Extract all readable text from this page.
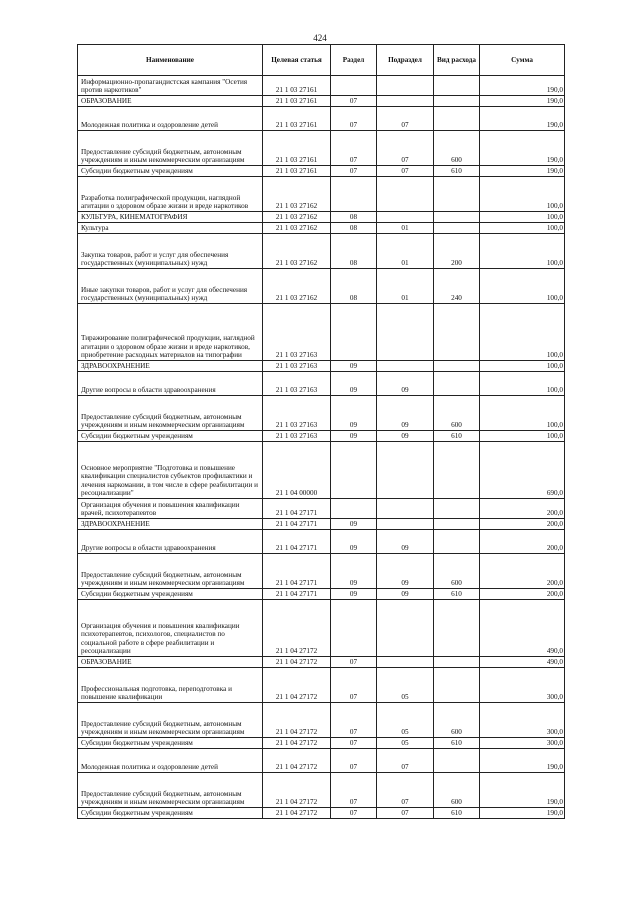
424
Наименование	Целевая статья	Раздел	Подраздел	Вид расхода	Сумма
Информационно-пропагандистская кампания "Осетия против наркотиков"	21 1 03 27161				190,0
ОБРАЗОВАНИЕ	21 1 03 27161	07			190,0
Молодежная политика и оздоровление детей	21 1 03 27161	07	07		190,0
Предоставление субсидий бюджетным, автономным учреждениям и иным некоммерческим организациям	21 1 03 27161	07	07	600	190,0
Субсидии бюджетным учреждениям	21 1 03 27161	07	07	610	190,0
Разработка полиграфической продукции, наглядной агитации о здоровом образе жизни и вреде наркотиков	21 1 03 27162				100,0
КУЛЬТУРА, КИНЕМАТОГРАФИЯ	21 1 03 27162	08			100,0
Культура	21 1 03 27162	08	01		100,0
Закупка товаров, работ и услуг для обеспечения государственных (муниципальных) нужд	21 1 03 27162	08	01	200	100,0
Иные закупки товаров, работ и услуг для обеспечения государственных (муниципальных) нужд	21 1 03 27162	08	01	240	100,0
Тиражирование полиграфической продукции, наглядной агитации о здоровом образе жизни и вреде наркотиков, приобретение расходных материалов на типографии	21 1 03 27163				100,0
ЗДРАВООХРАНЕНИЕ	21 1 03 27163	09			100,0
Другие вопросы в области здравоохранения	21 1 03 27163	09	09		100,0
Предоставление субсидий бюджетным, автономным учреждениям и иным некоммерческим организациям	21 1 03 27163	09	09	600	100,0
Субсидии бюджетным учреждениям	21 1 03 27163	09	09	610	100,0
Основное мероприятие "Подготовка и повышение квалификации специалистов субъектов профилактики и лечения наркомании, в том числе в сфере реабилитации и ресоциализации"	21 1 04 00000				690,0
Организация обучения и повышения квалификации врачей, психотерапевтов	21 1 04 27171				200,0
ЗДРАВООХРАНЕНИЕ	21 1 04 27171	09			200,0
Другие вопросы в области здравоохранения	21 1 04 27171	09	09		200,0
Предоставление субсидий бюджетным, автономным учреждениям и иным некоммерческим организациям	21 1 04 27171	09	09	600	200,0
Субсидии бюджетным учреждениям	21 1 04 27171	09	09	610	200,0
Организация обучения и повышения квалификации психотерапевтов, психологов, специалистов по социальной работе в сфере реабилитации и ресоциализации	21 1 04 27172				490,0
ОБРАЗОВАНИЕ	21 1 04 27172	07			490,0
Профессиональная подготовка, переподготовка и повышение квалификации	21 1 04 27172	07	05		300,0
Предоставление субсидий бюджетным, автономным учреждениям и иным некоммерческим организациям	21 1 04 27172	07	05	600	300,0
Субсидии бюджетным учреждениям	21 1 04 27172	07	05	610	300,0
Молодежная политика и оздоровление детей	21 1 04 27172	07	07		190,0
Предоставление субсидий бюджетным, автономным учреждениям и иным некоммерческим организациям	21 1 04 27172	07	07	600	190,0
Субсидии бюджетным учреждениям	21 1 04 27172	07	07	610	190,0
